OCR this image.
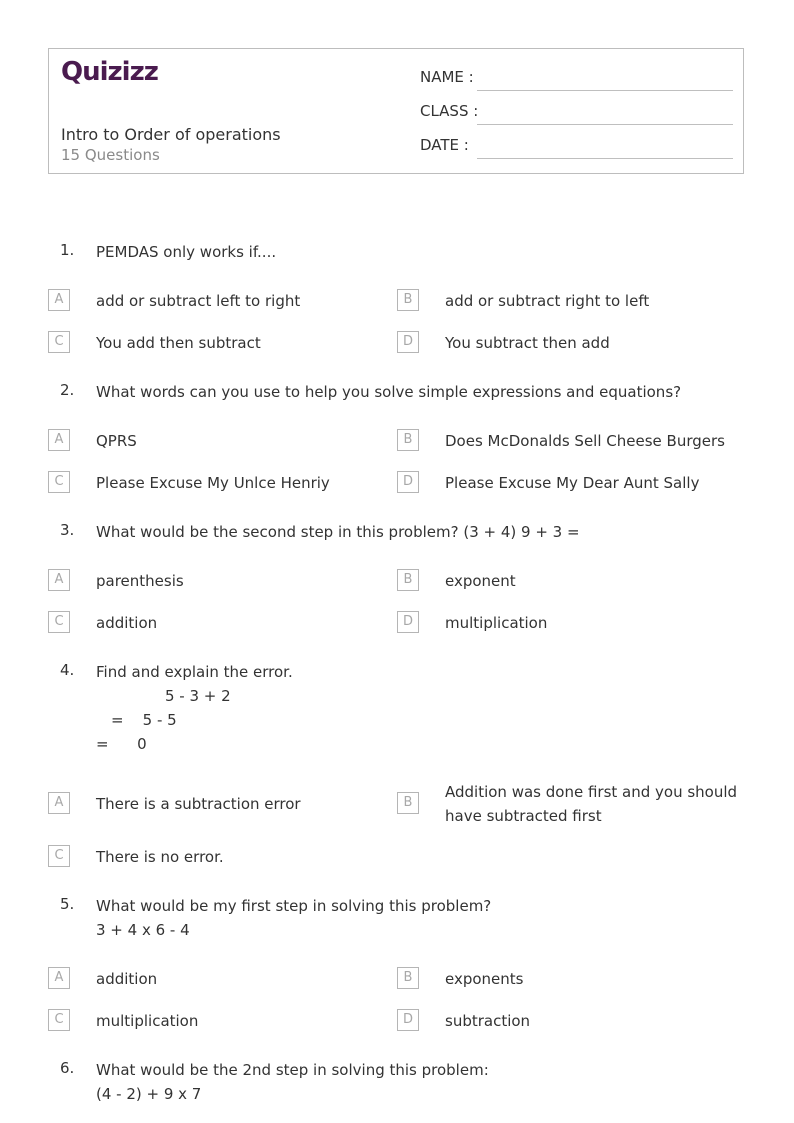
Quizizz
Intro to Order of operations
15 Questions
NAME :
CLASS :
DATE :
1. PEMDAS only works if....
A	add or subtract left to right	B	add or subtract right to left
C	You add then subtract	D	You subtract then add
2. What words can you use to help you solve simple expressions and equations?
A	QPRS	B	Does McDonalds Sell Cheese Burgers
C	Please Excuse My Unlce Henriy	D	Please Excuse My Dear Aunt Sally
3. What would be the second step in this problem? (3 + 4) 9 + 3 =
A	parenthesis	B	exponent
C	addition	D	multiplication
4. Find and explain the error.
5 - 3 + 2
=    5 - 5
=      0
A	There is a subtraction error	B
Addition was done first and you should have subtracted first
C	There is no error.
5. What would be my first step in solving this problem?
3 + 4 x 6 - 4
A	addition	B	exponents
C	multiplication	D	subtraction
6. What would be the 2nd step in solving this problem:
(4 - 2) + 9 x 7
